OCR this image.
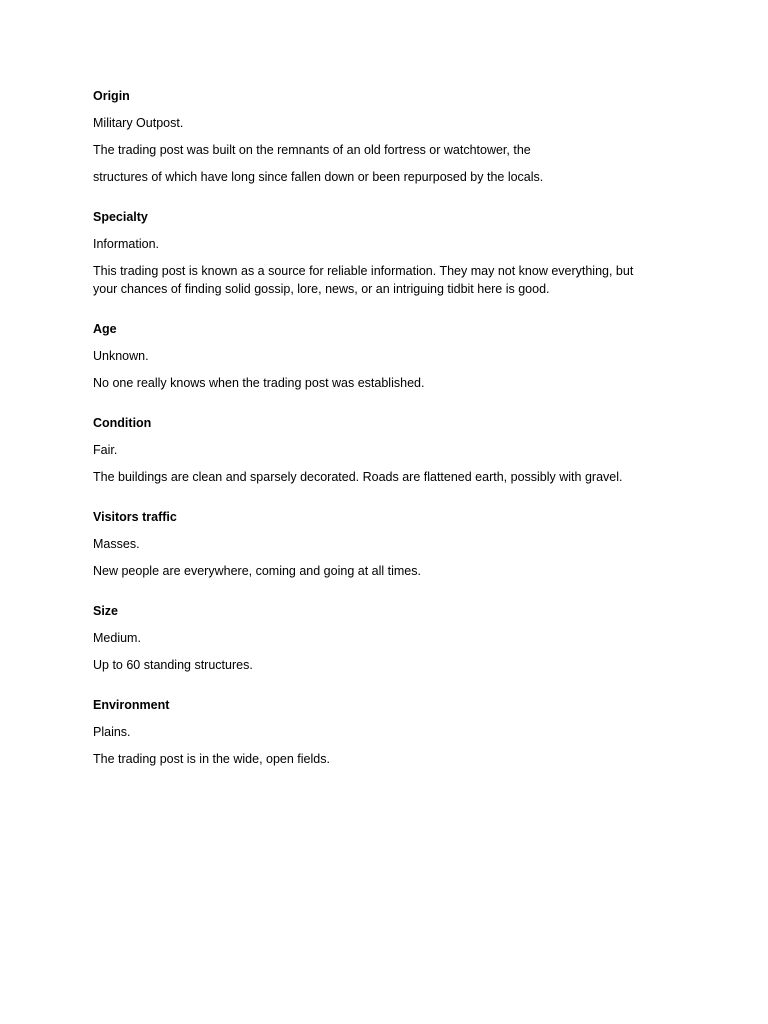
Origin
Military Outpost.
The trading post was built on the remnants of an old fortress or watchtower, the
structures of which have long since fallen down or been repurposed by the locals.
Specialty
Information.
This trading post is known as a source for reliable information. They may not know everything, but
your chances of finding solid gossip, lore, news, or an intriguing tidbit here is good.
Age
Unknown.
No one really knows when the trading post was established.
Condition
Fair.
The buildings are clean and sparsely decorated. Roads are flattened earth, possibly with gravel.
Visitors traffic
Masses.
New people are everywhere, coming and going at all times.
Size
Medium.
Up to 60 standing structures.
Environment
Plains.
The trading post is in the wide, open fields.
